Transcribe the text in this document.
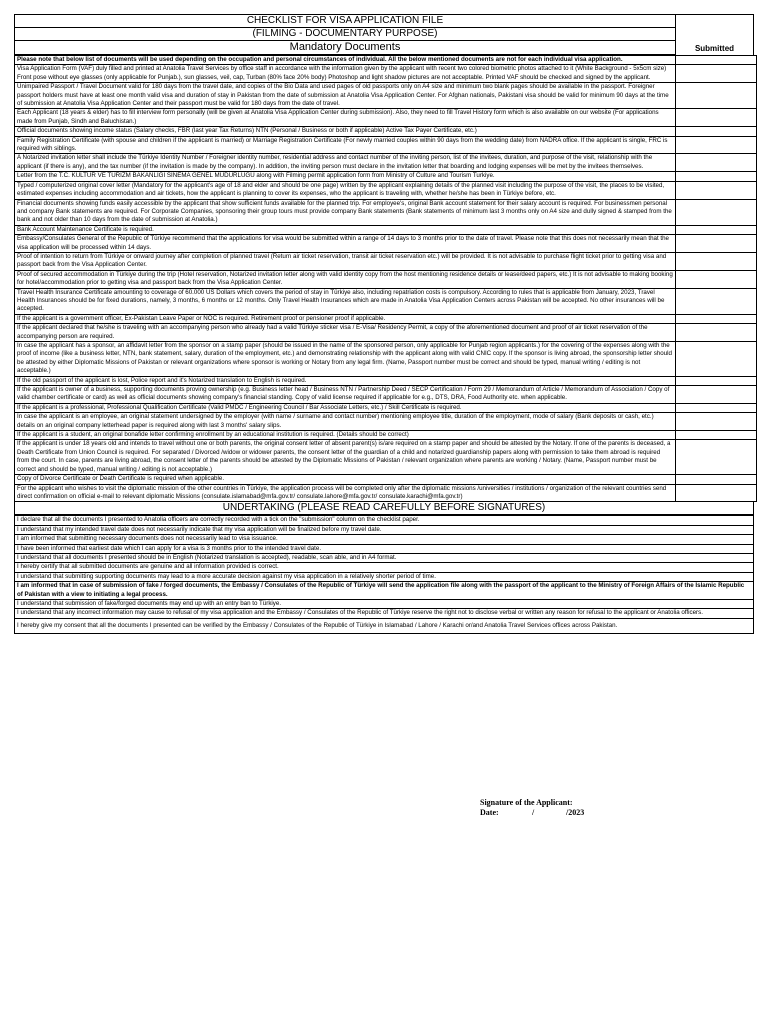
CHECKLIST FOR VISA APPLICATION FILE
(FILMING - DOCUMENTARY PURPOSE)
Mandatory Documents	Submitted
Please note that below list of documents will be used depending on the occupation and personal circumstances of individual. All the below mentioned documents are not for each individual visa application.	
Visa Application Form (VAF) duly filled and printed at Anatolia Travel Services by office staff in accordance with the information given by the applicant with recent two colored biometric photos attached to it (White Background - 5x5cm size) Front pose without eye glasses (only applicable for Punjab.), sun glasses, veil, cap, Turban (80% face 20% body) Photoshop and light shadow pictures are not acceptable. Printed VAF should be checked and signed by the applicant.	
Unimpaired Passport / Travel Document valid for 180 days from the travel date, and copies of the Bio Data and used pages of old passports only on A4 size and minimum two blank pages should be available in the passport. Foreigner passport holders must have at least one month valid visa and duration of stay in Pakistan from the date of submission at Anatolia Visa Application Center. For Afghan nationals, Pakistani visa should be valid for minimum 90 days at the time of submission at Anatolia Visa Application Center and their passport must be valid for 180 days from the date of travel.	
Each Applicant (18 years & elder) has to fill interview form personally (will be given at Anatolia Visa Application Center during submission). Also, they need to fill Travel History form which is also available on our website (For applications made from Punjab, Sindh and Baluchistan.)	
Official documents showing income status (Salary checks, FBR (last year Tax Returns) NTN (Personal / Business or both if applicable) Active Tax Payer Certificate, etc.)	
Family Registration Certificate (with spouse and children if the applicant is married) or Marriage Registration Certificate (For newly married couples within 90 days from the wedding date) from NADRA office. If the applicant is single, FRC is required with siblings.	
A Notarized invitation letter shall include the Türkiye Identity Number / Foreigner identity number, residential address and contact number of the inviting person, list of the invitees, duration, and purpose of the visit, relationship with the applicant (if there is any), and the tax number (if the invitation is made by the company). In addition, the inviting person must declare in the invitation letter that boarding and lodging expenses will be met by the invitees themselves.	
Letter from the T.C. KULTUR VE TURIZM BAKANLIGI SINEMA GENEL MUDURLUGU along with Filming permit application form from Ministry of Culture and Tourism Turkiye.	
Typed / computerized original cover letter (Mandatory for the applicant's age of 18 and elder and should be one page) written by the applicant explaining details of the planned visit including the purpose of the visit, the places to be visited, estimated expenses including accommodation and air tickets, how the applicant is planning to cover its expenses, who the applicant is traveling with, whether he/she has been in Türkiye before, etc.	
Financial documents showing funds easily accessible by the applicant that show sufficient funds available for the planned trip. For employee's, original Bank account statement for their salary account is required. For businessmen personal and company Bank statements are required. For Corporate Companies, sponsoring their group tours must provide company Bank statements (Bank statements of minimum last 3 months only on A4 size and dully signed & stamped from the bank and not older than 10 days from the date of submission at Anatolia.)	
Bank Account Maintenance Certificate is required.	
Embassy/Consulates General of the Republic of Türkiye recommend that the applications for visa would be submitted within a range of 14 days to 3 months prior to the date of travel. Please note that this does not necessarily mean that the visa application will be processed within 14 days.	
Proof of intention to return from Türkiye or onward journey after completion of planned travel (Return air ticket reservation, transit air ticket reservation etc.) will be provided. It is not advisable to purchase flight ticket prior to getting visa and passport back from the Visa Application Center.	
Proof of secured accommodation in Türkiye during the trip (Hotel reservation, Notarized invitation letter along with valid identity copy from the host mentioning residence details or lease/deed papers, etc.) It is not advisable to making booking for hotel/accommodation prior to getting visa and passport back from the Visa Application Center.	
Travel Health Insurance Certificate amounting to coverage of 60.000 US Dollars which covers the period of stay in Türkiye also, including repatriation costs is compulsory. According to rules that is applicable from January, 2023, Travel Health Insurances should be for fixed durations, namely, 3 months, 6 months or 12 months. Only Travel Health Insurances which are made in Anatolia Visa Application Centers across Pakistan will be accepted. No other insurances will be accepted.	
If the applicant is a government officer, Ex-Pakistan Leave Paper or NOC is required. Retirement proof or pensioner proof if applicable.	
If the applicant declared that he/she is traveling with an accompanying person who already had a valid Türkiye sticker visa / E-Visa/ Residency Permit, a copy of the aforementioned document and proof of air ticket reservation of the accompanying person are required.	
In case the applicant has a sponsor, an affidavit letter from the sponsor on a stamp paper (should be issued in the name of the sponsored person, only applicable for Punjab region applicants.) for the covering of the expenses along with the proof of income (like a business letter, NTN, bank statement, salary, duration of the employment, etc.) and demonstrating relationship with the applicant along with valid CNIC copy. If the sponsor is living abroad, the sponsorship letter should be attested by either Diplomatic Missions of Pakistan or relevant organizations where sponsor is working or Notary from any legal firm. (Name, Passport number must be correct and should be typed, manual writing / editing is not acceptable.)	
If the old passport of the applicant is lost, Police report and it's Notarized translation to English is required.	
If the applicant is owner of a business, supporting documents proving ownership (e.g. Business letter head / Business NTN / Partnership Deed / SECP Certification / Form 29 / Memorandum of Article / Memorandum of Association / Copy of valid chamber certificate or card) as well as official documents showing company's financial standing. Copy of valid license required if applicable for e.g., DTS, DRA, Food Authority etc. when applicable.	
If the applicant is a professional, Professional Qualification Certificate (Valid PMDC / Engineering Council / Bar Associate Letters, etc.) / Skill Certificate is required.	
In case the applicant is an employee, an original statement undersigned by the employer (with name / surname and contact number) mentioning employee title, duration of the employment, mode of salary (Bank deposits or cash, etc.) details on an original company letterhead paper is required along with last 3 months' salary slips.	
If the applicant is a student, an original bonafide letter confirming enrollment by an educational institution is required. (Details should be correct)	
If the applicant is under 18 years old and intends to travel without one or both parents, the original consent letter of absent parent(s) is/are required on a stamp paper and should be attested by the Notary. If one of the parents is deceased, a Death Certificate from Union Council is required. For separated / Divorced /widow or widower parents, the consent letter of the guardian of a child and notarized guardianship papers along with permission to take them abroad is required from the court. In case, parents are living abroad, the consent letter of the parents should be attested by the Diplomatic Missions of Pakistan / relevant organization where parents are working / Notary. (Name, Passport number must be correct and should be typed, manual writing / editing is not acceptable.)	
Copy of Divorce Certificate or Death Certificate is required when applicable.	
For the applicant who wishes to visit the diplomatic mission of the other countries in Türkiye, the application process will be completed only after the diplomatic missions /universities / institutions / organization of the relevant countries send direct confirmation on official e-mail to relevant diplomatic Missions (consulate.islamabad@mfa.gov.tr/ consulate.lahore@mfa.gov.tr/ consulate.karachi@mfa.gov.tr)	
UNDERTAKING (PLEASE READ CAREFULLY BEFORE SIGNATURES)
I declare that all the documents I presented to Anatolia officers are correctly recorded with a tick on the "submission" column on the checklist paper.
I understand that my intended travel date does not necessarily indicate that my visa application will be finalized before my travel date.
I am informed that submitting necessary documents does not necessarily lead to visa issuance.
I have been informed that earliest date which I can apply for a visa is 3 months prior to the intended travel date.
I understand that all documents I presented should be in English (Notarized translation is accepted), readable, scan able, and in A4 format.
I hereby certify that all submitted documents are genuine and all information provided is correct.
I understand that submitting supporting documents may lead to a more accurate decision against my visa application in a relatively shorter period of time.
I am informed that in case of submission of fake / forged documents, the Embassy / Consulates of the Republic of Türkiye will send the application file along with the passport of the applicant to the Ministry of Foreign Affairs of the Islamic Republic of Pakistan with a view to initiating a legal process.
I understand that submission of fake/forged documents may end up with an entry ban to Türkiye.
I understand that any incorrect information may cause to refusal of my visa application and the Embassy / Consulates of the Republic of Türkiye reserve the right not to disclose verbal or written any reason for refusal to the applicant or Anatolia officers.
I hereby give my consent that all the documents I presented can be verified by the Embassy / Consulates of the Republic of Türkiye in Islamabad / Lahore / Karachi or/and Anatolia Travel Services offices across Pakistan.
Signature of the Applicant:
Date:	/	/2023
